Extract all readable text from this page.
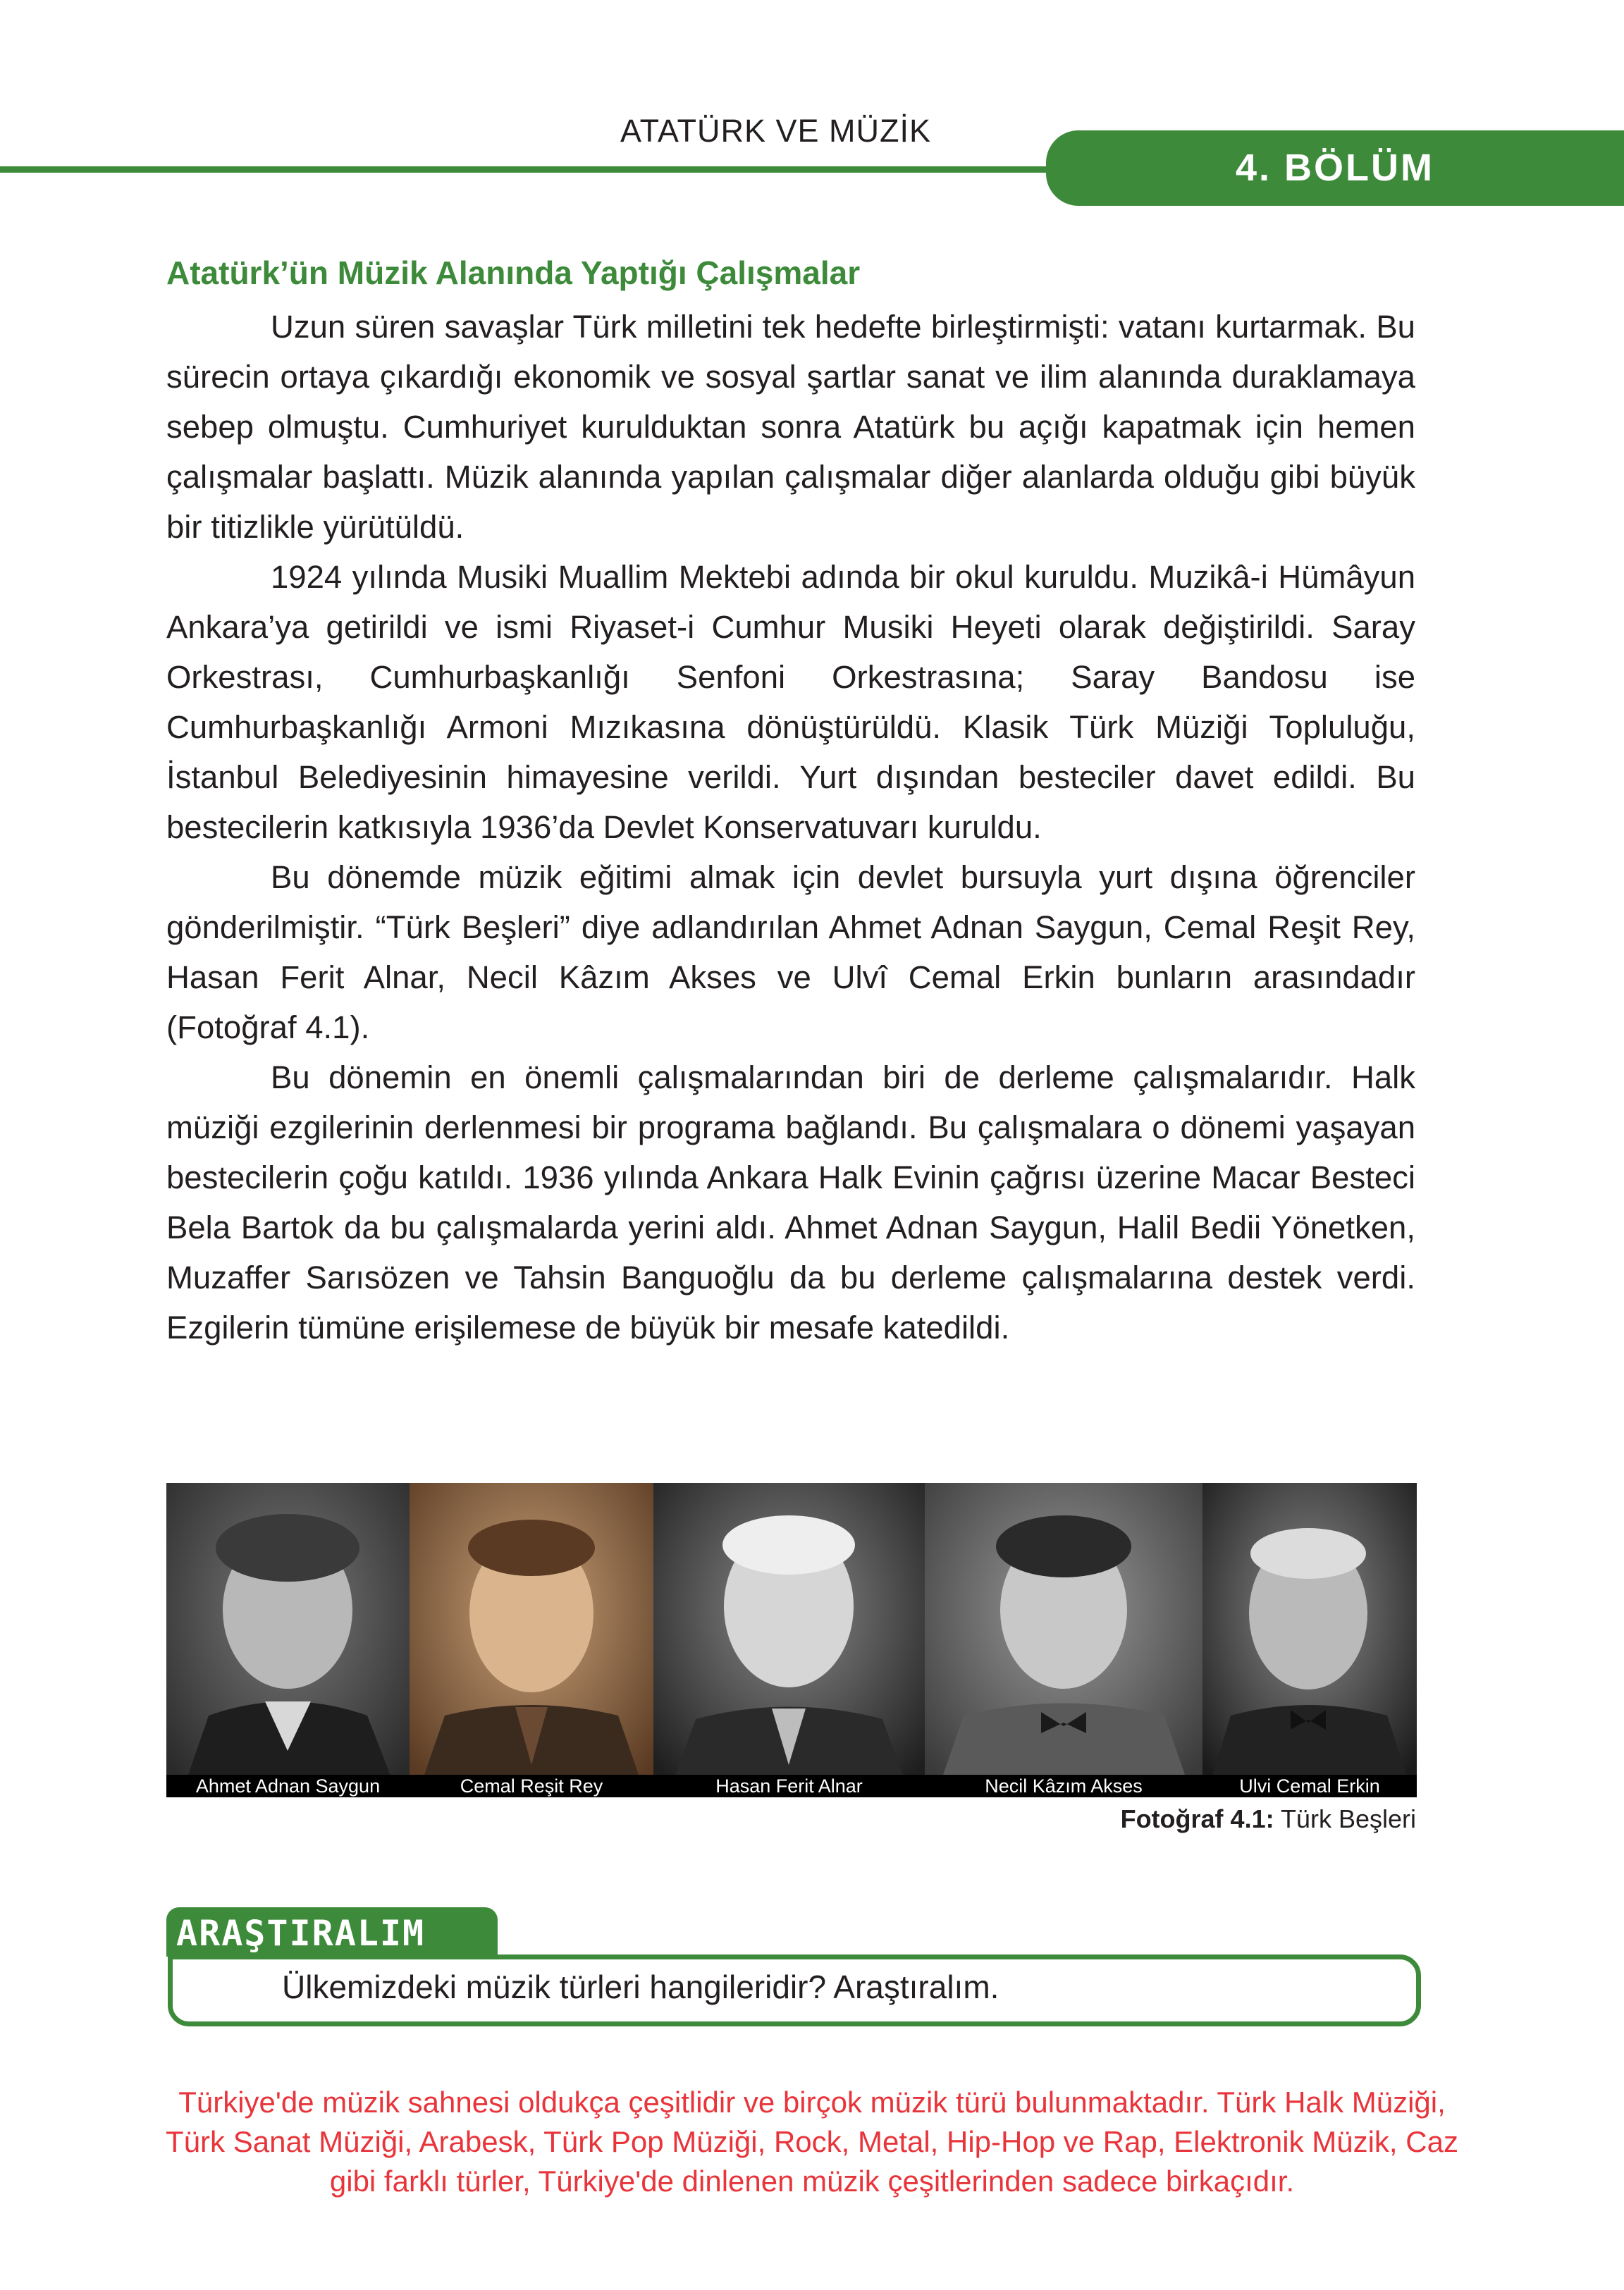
ATATÜRK VE MÜZİK
4. BÖLÜM
Atatürk’ün Müzik Alanında Yaptığı Çalışmalar

Uzun süren savaşlar Türk milletini tek hedefte birleştirmişti: vatanı kurtarmak. Bu sürecin ortaya çıkardığı ekonomik ve sosyal şartlar sanat ve ilim alanında duraklamaya sebep olmuştu. Cumhuriyet kurulduktan sonra Atatürk bu açığı kapatmak için hemen çalışmalar başlattı. Müzik alanında yapılan çalışmalar diğer alanlarda olduğu gibi büyük bir titizlikle yürütüldü.

1924 yılında Musiki Muallim Mektebi adında bir okul kuruldu. Muzikâ-i Hümâyun Ankara’ya getirildi ve ismi Riyaset-i Cumhur Musiki Heyeti olarak değiştirildi. Saray Orkestrası, Cumhurbaşkanlığı Senfoni Orkestrasına; Saray Bandosu ise Cumhurbaşkanlığı Armoni Mızıkasına dönüştürüldü. Klasik Türk Müziği Topluluğu, İstanbul Belediyesinin himayesine verildi. Yurt dışından besteciler davet edildi. Bu bestecilerin katkısıyla 1936’da Devlet Konservatuvarı kuruldu.

Bu dönemde müzik eğitimi almak için devlet bursuyla yurt dışına öğrenciler gönderilmiştir. “Türk Beşleri” diye adlandırılan Ahmet Adnan Saygun, Cemal Reşit Rey, Hasan Ferit Alnar, Necil Kâzım Akses ve Ulvî Cemal Erkin bunların arasındadır (Fotoğraf 4.1).

Bu dönemin en önemli çalışmalarından biri de derleme çalışmalarıdır. Halk müziği ezgilerinin derlenmesi bir programa bağlandı. Bu çalışmalara o dönemi yaşayan bestecilerin çoğu katıldı. 1936 yılında Ankara Halk Evinin çağrısı üzerine Macar Besteci Bela Bartok da bu çalışmalarda yerini aldı. Ahmet Adnan Saygun, Halil Bedii Yönetken, Muzaffer Sarısözen ve Tahsin Banguoğlu da bu derleme çalışmalarına destek verdi. Ezgilerin tümüne erişilemese de büyük bir mesafe katedildi.

Ahmet Adnan Saygun	Cemal Reşit Rey	Hasan Ferit Alnar	Necil Kâzım Akses	Ulvi Cemal Erkin
Fotoğraf 4.1: Türk Beşleri
ARAŞTIRALIM
Ülkemizdeki müzik türleri hangileridir? Araştıralım.
Türkiye'de müzik sahnesi oldukça çeşitlidir ve birçok müzik türü bulunmaktadır. Türk Halk Müziği,
Türk Sanat Müziği, Arabesk, Türk Pop Müziği, Rock, Metal, Hip-Hop ve Rap, Elektronik Müzik, Caz
gibi farklı türler, Türkiye'de dinlenen müzik çeşitlerinden sadece birkaçıdır.
